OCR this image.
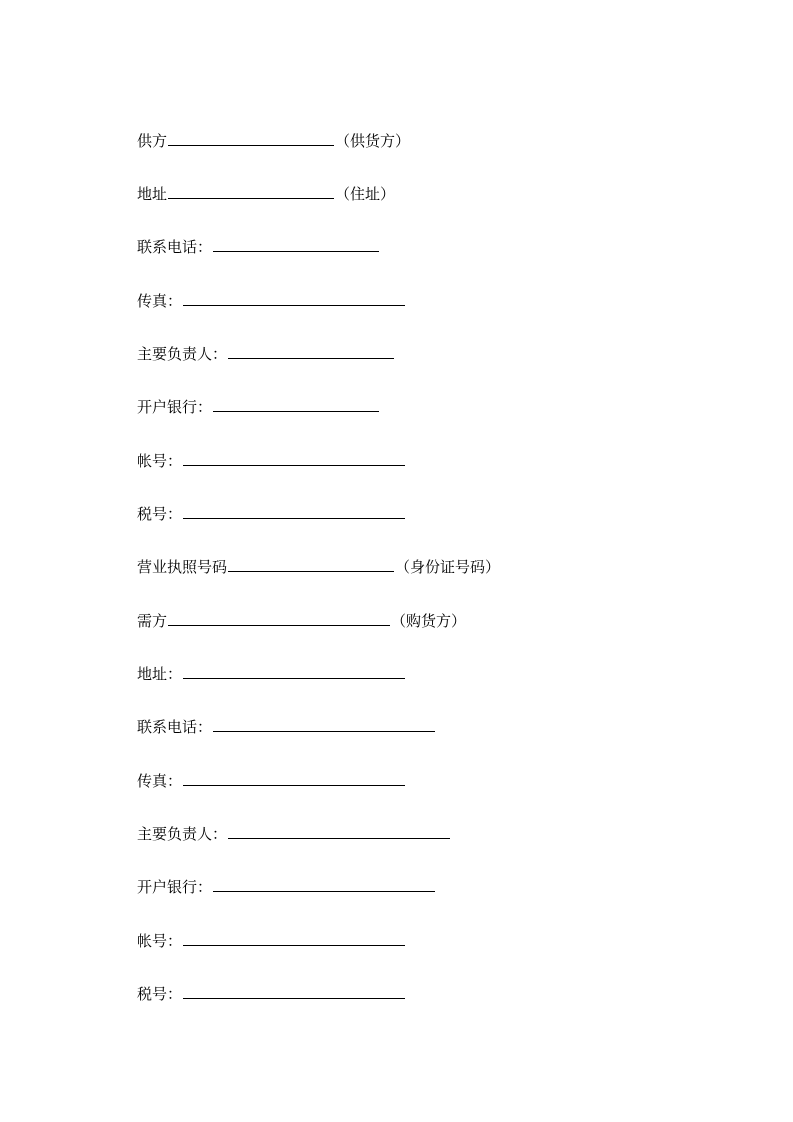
供方	（供货方）
地址	（住址）
联系电话：
传真：
主要负责人：
开户银行：
帐号：
税号：
营业执照号码	（身份证号码）
需方	（购货方）
地址：
联系电话：
传真：
主要负责人：
开户银行：
帐号：
税号：
